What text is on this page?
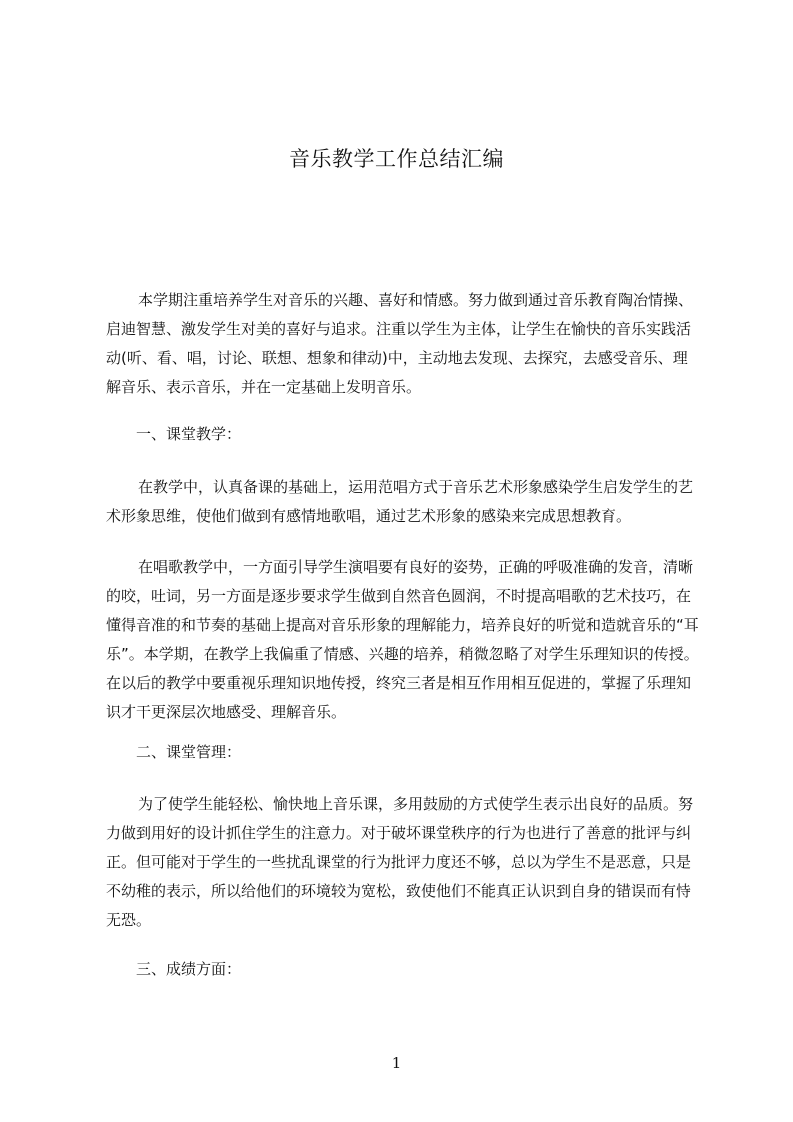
音乐教学工作总结汇编

本学期注重培养学生对音乐的兴趣、喜好和情感。努力做到通过音乐教育陶冶情操、启迪智慧、激发学生对美的喜好与追求。注重以学生为主体，让学生在愉快的音乐实践活动(听、看、唱，讨论、联想、想象和律动)中，主动地去发现、去探究，去感受音乐、理解音乐、表示音乐，并在一定基础上发明音乐。

一、课堂教学：

在教学中，认真备课的基础上，运用范唱方式于音乐艺术形象感染学生启发学生的艺术形象思维，使他们做到有感情地歌唱，通过艺术形象的感染来完成思想教育。

在唱歌教学中，一方面引导学生演唱要有良好的姿势，正确的呼吸准确的发音，清晰的咬，吐词，另一方面是逐步要求学生做到自然音色圆润，不时提高唱歌的艺术技巧，在懂得音准的和节奏的基础上提高对音乐形象的理解能力，培养良好的听觉和造就音乐的“耳乐”。本学期，在教学上我偏重了情感、兴趣的培养，稍微忽略了对学生乐理知识的传授。在以后的教学中要重视乐理知识地传授，终究三者是相互作用相互促进的，掌握了乐理知识才干更深层次地感受、理解音乐。

二、课堂管理：

为了使学生能轻松、愉快地上音乐课，多用鼓励的方式使学生表示出良好的品质。努力做到用好的设计抓住学生的注意力。对于破坏课堂秩序的行为也进行了善意的批评与纠正。但可能对于学生的一些扰乱课堂的行为批评力度还不够，总以为学生不是恶意，只是不幼稚的表示，所以给他们的环境较为宽松，致使他们不能真正认识到自身的错误而有恃无恐。

三、成绩方面：

1
